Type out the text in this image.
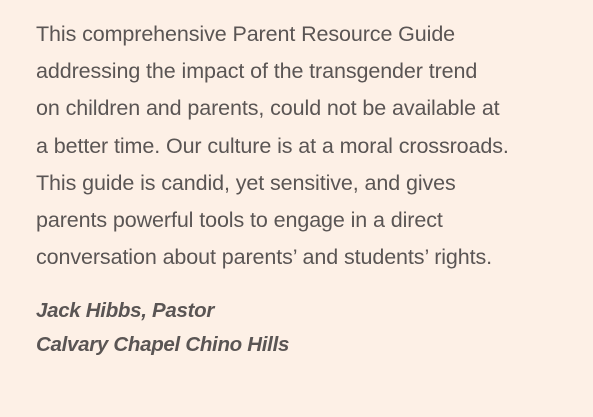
This comprehensive Parent Resource Guide
addressing the impact of the transgender trend
on children and parents, could not be available at
a better time. Our culture is at a moral crossroads.
This guide is candid, yet sensitive, and gives
parents powerful tools to engage in a direct
conversation about parents’ and students’ rights.
Jack Hibbs, Pastor
Calvary Chapel Chino Hills
